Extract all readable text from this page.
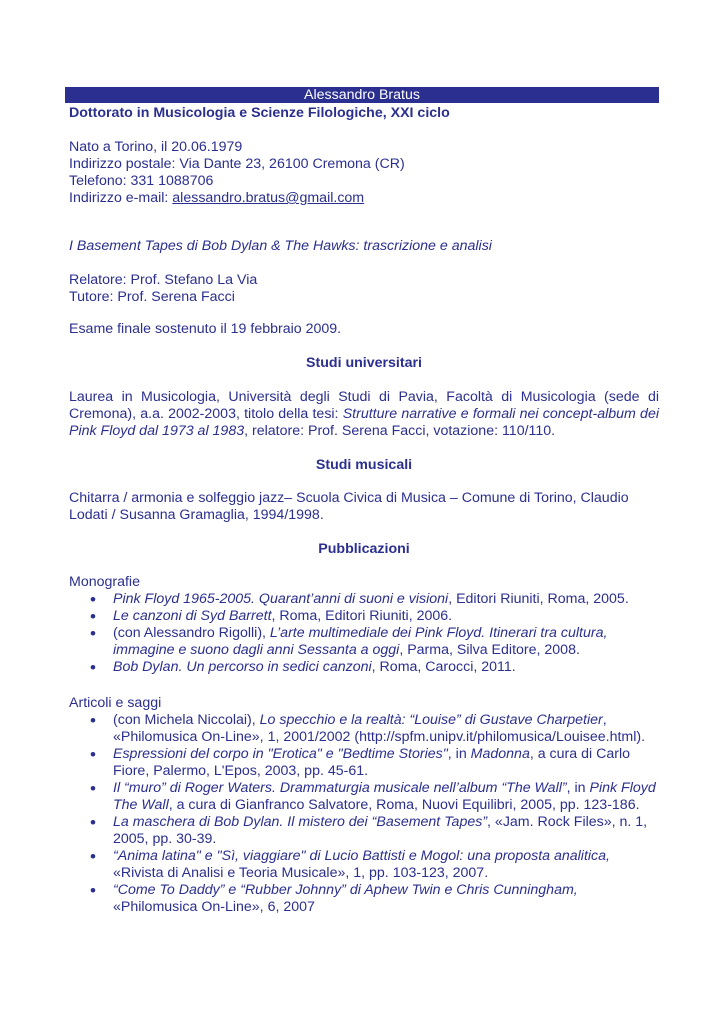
Alessandro Bratus
Dottorato in Musicologia e Scienze Filologiche, XXI ciclo
Nato a Torino, il 20.06.1979
Indirizzo postale: Via Dante 23, 26100 Cremona (CR)
Telefono: 331 1088706
Indirizzo e-mail: alessandro.bratus@gmail.com
I Basement Tapes di Bob Dylan & The Hawks: trascrizione e analisi
Relatore: Prof. Stefano La Via
Tutore: Prof. Serena Facci
Esame finale sostenuto il 19 febbraio 2009.
Studi universitari
Laurea in Musicologia, Università degli Studi di Pavia, Facoltà di Musicologia (sede di Cremona), a.a. 2002-2003, titolo della tesi: Strutture narrative e formali nei concept-album dei Pink Floyd dal 1973 al 1983, relatore: Prof. Serena Facci, votazione: 110/110.
Studi musicali
Chitarra / armonia e solfeggio jazz– Scuola Civica di Musica – Comune di Torino, Claudio Lodati / Susanna Gramaglia, 1994/1998.
Pubblicazioni
Monografie
• Pink Floyd 1965-2005. Quarant’anni di suoni e visioni, Editori Riuniti, Roma, 2005.
• Le canzoni di Syd Barrett, Roma, Editori Riuniti, 2006.
• (con Alessandro Rigolli), L’arte multimediale dei Pink Floyd. Itinerari tra cultura, immagine e suono dagli anni Sessanta a oggi, Parma, Silva Editore, 2008.
• Bob Dylan. Un percorso in sedici canzoni, Roma, Carocci, 2011.
Articoli e saggi
• (con Michela Niccolai), Lo specchio e la realtà: “Louise” di Gustave Charpetier, «Philomusica On-Line», 1, 2001/2002 (http://spfm.unipv.it/philomusica/Louisee.html).
• Espressioni del corpo in "Erotica" e "Bedtime Stories", in Madonna, a cura di Carlo Fiore, Palermo, L'Epos, 2003, pp. 45-61.
• Il “muro” di Roger Waters. Drammaturgia musicale nell’album “The Wall”, in Pink Floyd The Wall, a cura di Gianfranco Salvatore, Roma, Nuovi Equilibri, 2005, pp. 123-186.
• La maschera di Bob Dylan. Il mistero dei “Basement Tapes”, «Jam. Rock Files», n. 1, 2005, pp. 30-39.
• “Anima latina" e "Sì, viaggiare" di Lucio Battisti e Mogol: una proposta analitica, «Rivista di Analisi e Teoria Musicale», 1, pp. 103-123, 2007.
• “Come To Daddy” e “Rubber Johnny” di Aphew Twin e Chris Cunningham, «Philomusica On-Line», 6, 2007
